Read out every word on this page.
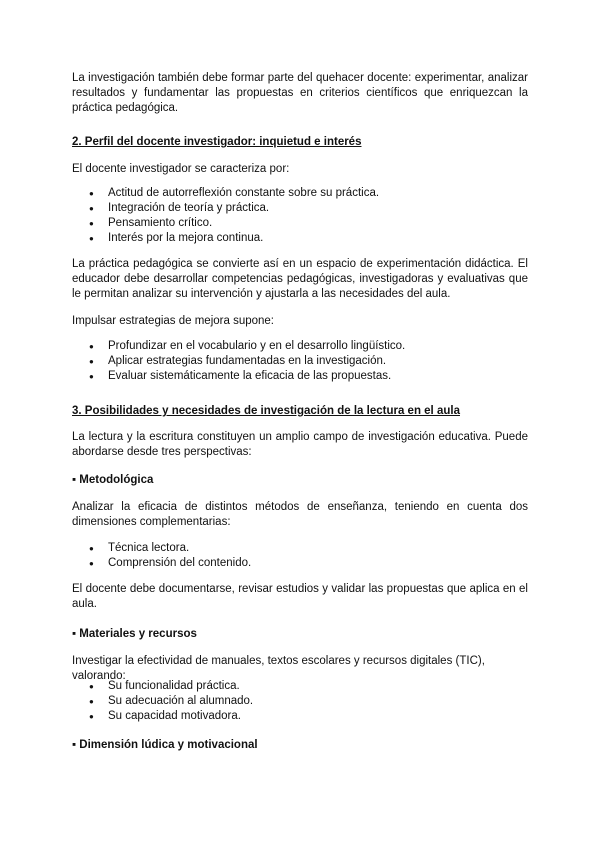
La investigación también debe formar parte del quehacer docente: experimentar, analizar resultados y fundamentar las propuestas en criterios científicos que enriquezcan la práctica pedagógica.

2. Perfil del docente investigador: inquietud e interés

El docente investigador se caracteriza por:

● Actitud de autorreflexión constante sobre su práctica.
● Integración de teoría y práctica.
● Pensamiento crítico.
● Interés por la mejora continua.

La práctica pedagógica se convierte así en un espacio de experimentación didáctica. El educador debe desarrollar competencias pedagógicas, investigadoras y evaluativas que le permitan analizar su intervención y ajustarla a las necesidades del aula.

Impulsar estrategias de mejora supone:

● Profundizar en el vocabulario y en el desarrollo lingüístico.
● Aplicar estrategias fundamentadas en la investigación.
● Evaluar sistemáticamente la eficacia de las propuestas.

3. Posibilidades y necesidades de investigación de la lectura en el aula

La lectura y la escritura constituyen un amplio campo de investigación educativa. Puede abordarse desde tres perspectivas:

▪ Metodológica

Analizar la eficacia de distintos métodos de enseñanza, teniendo en cuenta dos dimensiones complementarias:

● Técnica lectora.
● Comprensión del contenido.

El docente debe documentarse, revisar estudios y validar las propuestas que aplica en el aula.

▪ Materiales y recursos

Investigar la efectividad de manuales, textos escolares y recursos digitales (TIC), valorando:

● Su funcionalidad práctica.
● Su adecuación al alumnado.
● Su capacidad motivadora.

▪ Dimensión lúdica y motivacional
